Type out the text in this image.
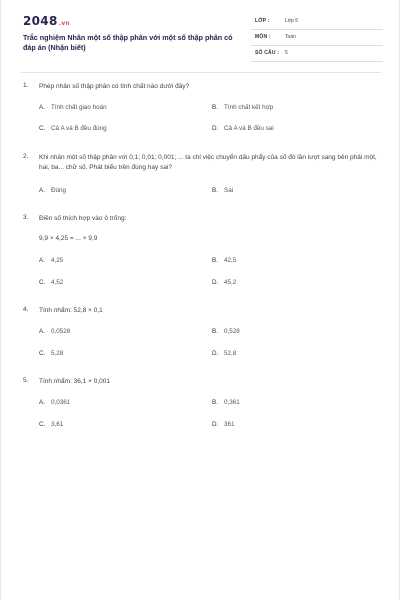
2048.vn
Trắc nghiệm Nhân một số thập phân với một số thập phân có đáp án (Nhận biết)
LỚP :	Lớp 5
MÔN :	Toán
SỐ CÂU : 5
1. Phép nhân số thập phân có tính chất nào dưới đây?
A. Tính chất giao hoán	B. Tính chất kết hợp
C. Cả A và B đều đúng	D. Cả A và B đều sai
2. Khi nhân một số thập phân với 0,1; 0,01; 0,001; ... ta chỉ việc chuyển dấu phẩy của số đó lần lượt sang bên phải một, hai, ba... chữ số. Phát biểu trên đúng hay sai?
A. Đúng	B. Sai
3. Điền số thích hợp vào ô trống:
9,9 × 4,25 = ... × 9,9
A. 4,25	B. 42,5
C. 4,52	D. 45,2
4. Tính nhẩm: 52,8 × 0,1
A. 0,0528	B. 0,528
C. 5,28	D. 52,8
5. Tính nhẩm: 36,1 × 0,001
A. 0,0361	B. 0,361
C. 3,61	D. 361
